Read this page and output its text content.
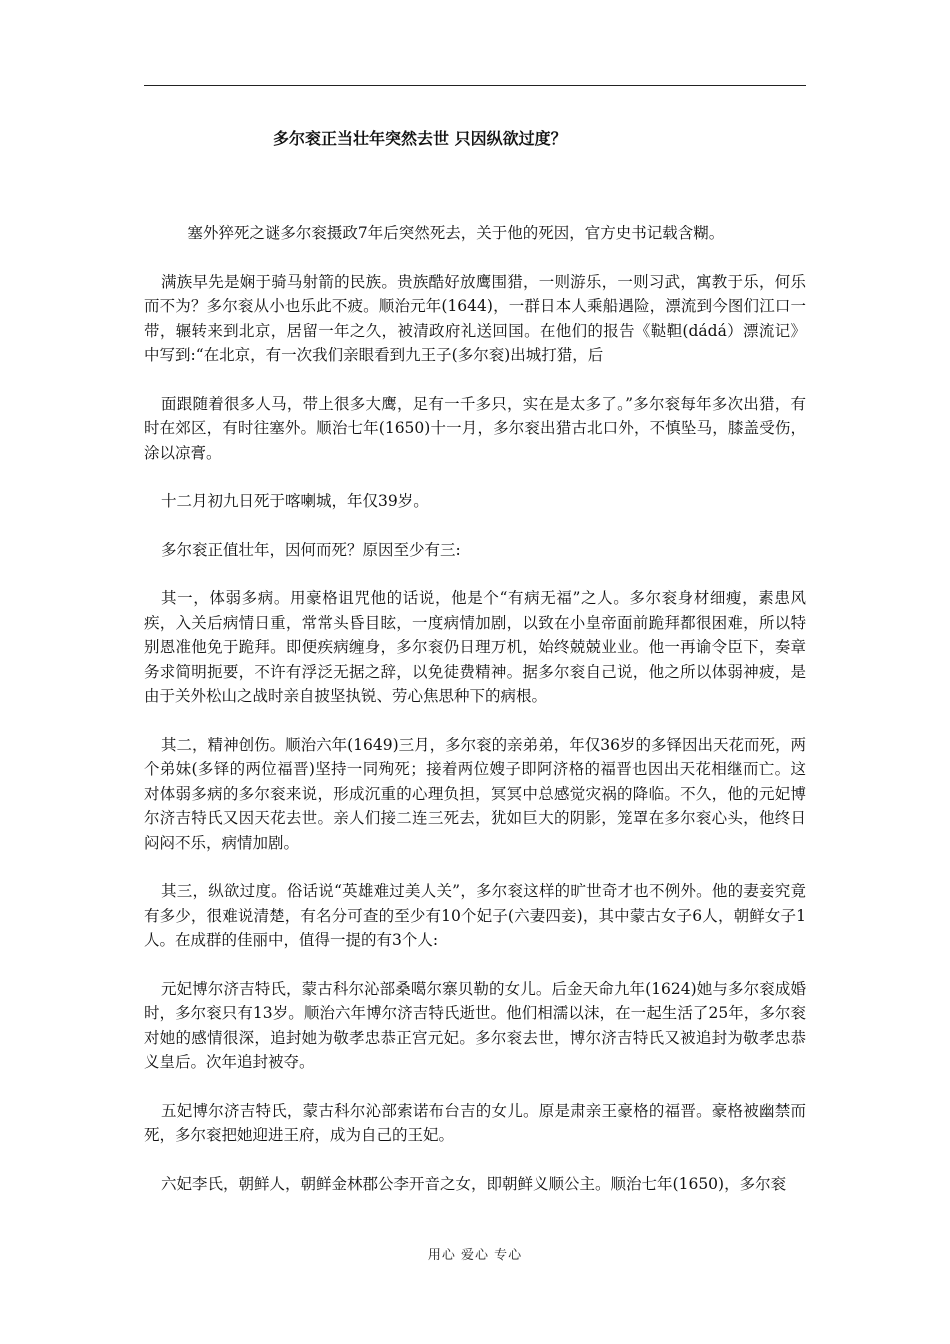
多尔衮正当壮年突然去世 只因纵欲过度？

塞外猝死之谜多尔衮摄政7年后突然死去，关于他的死因，官方史书记载含糊。

满族早先是娴于骑马射箭的民族。贵族酷好放鹰围猎，一则游乐，一则习武，寓教于乐，何乐而不为？多尔衮从小也乐此不疲。顺治元年(1644)，一群日本人乘船遇险，漂流到今图们江口一带，辗转来到北京，居留一年之久，被清政府礼送回国。在他们的报告《鞑靼(dádá）漂流记》中写到:“在北京，有一次我们亲眼看到九王子(多尔衮)出城打猎，后

面跟随着很多人马，带上很多大鹰，足有一千多只，实在是太多了。”多尔衮每年多次出猎，有时在郊区，有时往塞外。顺治七年(1650)十一月，多尔衮出猎古北口外，不慎坠马，膝盖受伤，涂以凉膏。

十二月初九日死于喀喇城，年仅39岁。

多尔衮正值壮年，因何而死？原因至少有三:

其一，体弱多病。用豪格诅咒他的话说，他是个“有病无福”之人。多尔衮身材细瘦，素患风疾，入关后病情日重，常常头昏目眩，一度病情加剧，以致在小皇帝面前跪拜都很困难，所以特别恩准他免于跪拜。即便疾病缠身，多尔衮仍日理万机，始终兢兢业业。他一再谕令臣下，奏章务求简明扼要，不许有浮泛无据之辞，以免徒费精神。据多尔衮自己说，他之所以体弱神疲，是由于关外松山之战时亲自披坚执锐、劳心焦思种下的病根。

其二，精神创伤。顺治六年(1649)三月，多尔衮的亲弟弟，年仅36岁的多铎因出天花而死，两个弟妹(多铎的两位福晋)坚持一同殉死；接着两位嫂子即阿济格的福晋也因出天花相继而亡。这对体弱多病的多尔衮来说，形成沉重的心理负担，冥冥中总感觉灾祸的降临。不久，他的元妃博尔济吉特氏又因天花去世。亲人们接二连三死去，犹如巨大的阴影，笼罩在多尔衮心头，他终日闷闷不乐，病情加剧。

其三，纵欲过度。俗话说“英雄难过美人关”，多尔衮这样的旷世奇才也不例外。他的妻妾究竟有多少，很难说清楚，有名分可查的至少有10个妃子(六妻四妾)，其中蒙古女子6人，朝鲜女子1人。在成群的佳丽中，值得一提的有3个人:

元妃博尔济吉特氏，蒙古科尔沁部桑噶尔寨贝勒的女儿。后金天命九年(1624)她与多尔衮成婚时，多尔衮只有13岁。顺治六年博尔济吉特氏逝世。他们相濡以沫，在一起生活了25年，多尔衮对她的感情很深，追封她为敬孝忠恭正宫元妃。多尔衮去世，博尔济吉特氏又被追封为敬孝忠恭义皇后。次年追封被夺。

五妃博尔济吉特氏，蒙古科尔沁部索诺布台吉的女儿。原是肃亲王豪格的福晋。豪格被幽禁而死，多尔衮把她迎进王府，成为自己的王妃。

六妃李氏，朝鲜人，朝鲜金林郡公李开音之女，即朝鲜义顺公主。顺治七年(1650)，多尔衮

用心 爱心 专心
